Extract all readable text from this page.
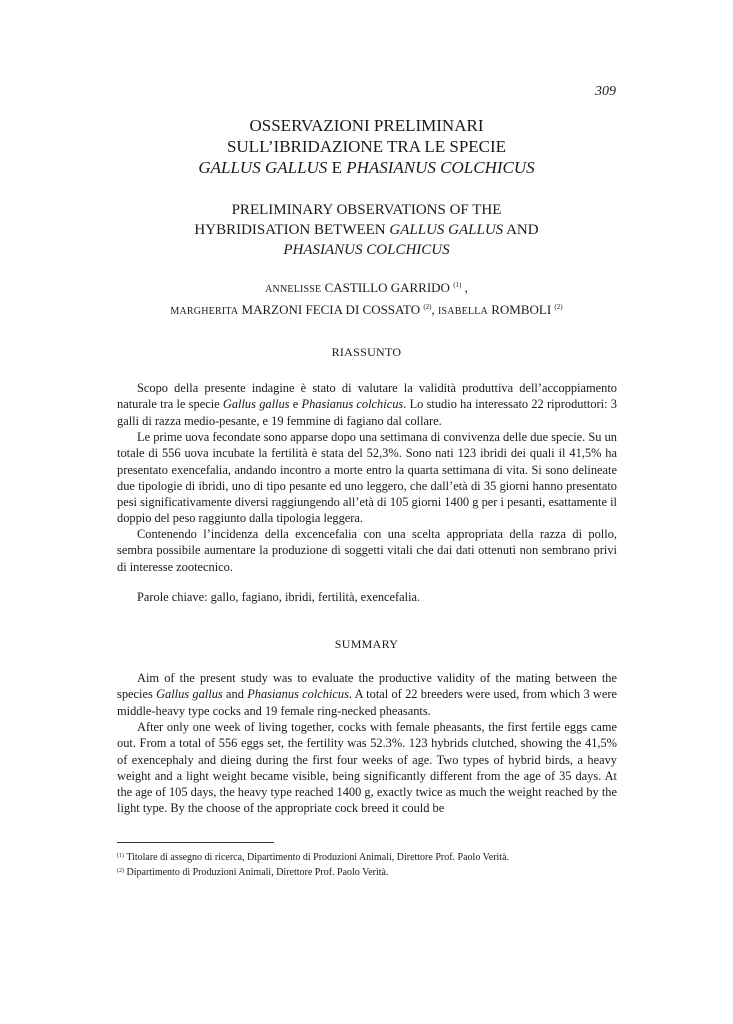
309
OSSERVAZIONI PRELIMINARI
SULL’IBRIDAZIONE TRA LE SPECIE
GALLUS GALLUS E PHASIANUS COLCHICUS
PRELIMINARY OBSERVATIONS OF THE
HYBRIDISATION BETWEEN GALLUS GALLUS AND
PHASIANUS COLCHICUS
ANNELISSE CASTILLO GARRIDO $^{(1)}$ ,
MARGHERITA MARZONI FECIA DI COSSATO $^{(2)}$, ISABELLA ROMBOLI $^{(2)}$
RIASSUNTO

Scopo della presente indagine è stato di valutare la validità produttiva dell’accoppiamento naturale tra le specie Gallus gallus e Phasianus colchicus. Lo studio ha interessato 22 riproduttori: 3 galli di razza medio-pesante, e 19 femmine di fagiano dal collare.

Le prime uova fecondate sono apparse dopo una settimana di convivenza delle due specie. Su un totale di 556 uova incubate la fertilità è stata del 52,3%. Sono nati 123 ibridi dei quali il 41,5% ha presentato exencefalia, andando incontro a morte entro la quarta settimana di vita. Si sono delineate due tipologie di ibridi, uno di tipo pesante ed uno leggero, che dall’età di 35 giorni hanno presentato pesi significativamente diversi raggiungendo all’età di 105 giorni 1400 g per i pesanti, esattamente il doppio del peso raggiunto dalla tipologia leggera.

Contenendo l’incidenza della excencefalia con una scelta appropriata della razza di pollo, sembra possibile aumentare la produzione di soggetti vitali che dai dati ottenuti non sembrano privi di interesse zootecnico.

Parole chiave: gallo, fagiano, ibridi, fertilità, exencefalia.
SUMMARY

Aim of the present study was to evaluate the productive validity of the mating between the species Gallus gallus and Phasianus colchicus. A total of 22 breeders were used, from which 3 were middle-heavy type cocks and 19 female ring-necked pheasants.

After only one week of living together, cocks with female pheasants, the first fertile eggs came out. From a total of 556 eggs set, the fertility was 52.3%. 123 hybrids clutched, showing the 41,5% of exencephaly and dieing during the first four weeks of age. Two types of hybrid birds, a heavy weight and a light weight became visible, being significantly different from the age of 35 days. At the age of 105 days, the heavy type reached 1400 g, exactly twice as much the weight reached by the light type. By the choose of the appropriate cock breed it could be

$^{(1)}$ Titolare di assegno di ricerca, Dipartimento di Produzioni Animali, Direttore Prof. Paolo Verità.
$^{(2)}$ Dipartimento di Produzioni Animali, Direttore Prof. Paolo Verità.
